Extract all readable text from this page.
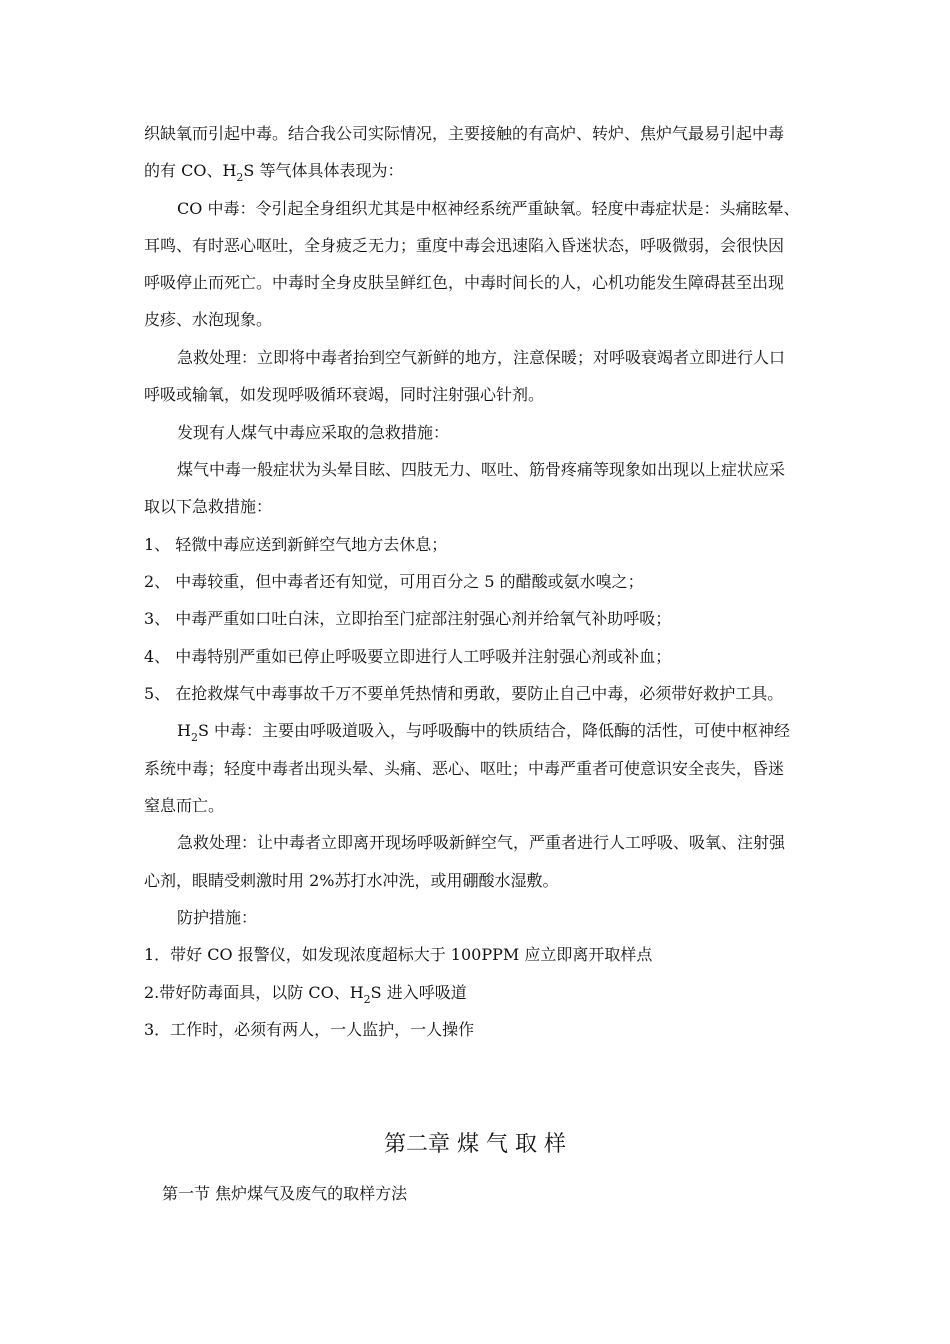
织缺氧而引起中毒。结合我公司实际情况，主要接触的有高炉、转炉、焦炉气最易引起中毒
的有 CO、$H_2S$ 等气体具体表现为：
CO 中毒：令引起全身组织尤其是中枢神经系统严重缺氧。轻度中毒症状是：头痛眩晕、
耳鸣、有时恶心呕吐，全身疲乏无力；重度中毒会迅速陷入昏迷状态，呼吸微弱，会很快因
呼吸停止而死亡。中毒时全身皮肤呈鲜红色，中毒时间长的人，心机功能发生障碍甚至出现
皮疹、水泡现象。
急救处理：立即将中毒者抬到空气新鲜的地方，注意保暖；对呼吸衰竭者立即进行人口
呼吸或输氧，如发现呼吸循环衰竭，同时注射强心针剂。
发现有人煤气中毒应采取的急救措施：
煤气中毒一般症状为头晕目眩、四肢无力、呕吐、筋骨疼痛等现象如出现以上症状应采
取以下急救措施：
1、 轻微中毒应送到新鲜空气地方去休息；
2、 中毒较重，但中毒者还有知觉，可用百分之 5 的醋酸或氨水嗅之；
3、 中毒严重如口吐白沫，立即抬至门症部注射强心剂并给氧气补助呼吸；
4、 中毒特别严重如已停止呼吸要立即进行人工呼吸并注射强心剂或补血；
5、 在抢救煤气中毒事故千万不要单凭热情和勇敢，要防止自己中毒，必须带好救护工具。
$H_2S$ 中毒：主要由呼吸道吸入，与呼吸酶中的铁质结合，降低酶的活性，可使中枢神经
系统中毒；轻度中毒者出现头晕、头痛、恶心、呕吐；中毒严重者可使意识安全丧失，昏迷
窒息而亡。
急救处理：让中毒者立即离开现场呼吸新鲜空气，严重者进行人工呼吸、吸氧、注射强
心剂，眼睛受刺激时用 2%苏打水冲洗，或用硼酸水湿敷。
防护措施：
1．带好 CO 报警仪，如发现浓度超标大于 100PPM 应立即离开取样点
2.带好防毒面具，以防 CO、$H_2S$ 进入呼吸道
3．工作时，必须有两人，一人监护，一人操作
第二章 煤 气 取 样
第一节 焦炉煤气及废气的取样方法
